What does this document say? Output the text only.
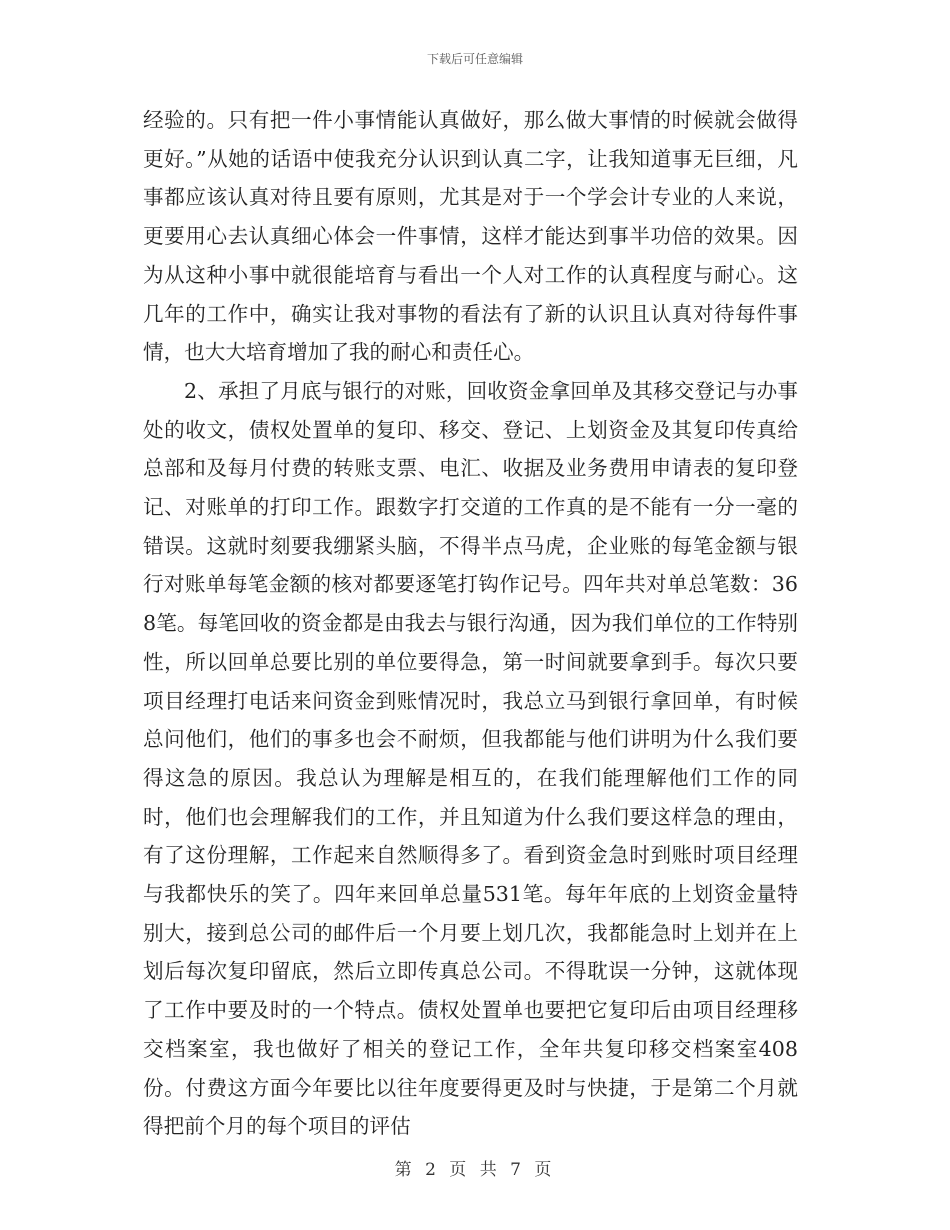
下载后可任意编辑

经验的。只有把一件小事情能认真做好，那么做大事情的时候就会做得更好。”从她的话语中使我充分认识到认真二字，让我知道事无巨细，凡事都应该认真对待且要有原则，尤其是对于一个学会计专业的人来说，更要用心去认真细心体会一件事情，这样才能达到事半功倍的效果。因为从这种小事中就很能培育与看出一个人对工作的认真程度与耐心。这几年的工作中，确实让我对事物的看法有了新的认识且认真对待每件事情，也大大培育增加了我的耐心和责任心。

2、承担了月底与银行的对账，回收资金拿回单及其移交登记与办事处的收文，债权处置单的复印、移交、登记、上划资金及其复印传真给总部和及每月付费的转账支票、电汇、收据及业务费用申请表的复印登记、对账单的打印工作。跟数字打交道的工作真的是不能有一分一毫的错误。这就时刻要我绷紧头脑，不得半点马虎，企业账的每笔金额与银行对账单每笔金额的核对都要逐笔打钩作记号。四年共对单总笔数：368笔。每笔回收的资金都是由我去与银行沟通，因为我们单位的工作特别性，所以回单总要比别的单位要得急，第一时间就要拿到手。每次只要项目经理打电话来问资金到账情况时，我总立马到银行拿回单，有时候总问他们，他们的事多也会不耐烦，但我都能与他们讲明为什么我们要得这急的原因。我总认为理解是相互的，在我们能理解他们工作的同时，他们也会理解我们的工作，并且知道为什么我们要这样急的理由，有了这份理解，工作起来自然顺得多了。看到资金急时到账时项目经理与我都快乐的笑了。四年来回单总量531笔。每年年底的上划资金量特别大，接到总公司的邮件后一个月要上划几次，我都能急时上划并在上划后每次复印留底，然后立即传真总公司。不得耽误一分钟，这就体现了工作中要及时的一个特点。债权处置单也要把它复印后由项目经理移交档案室，我也做好了相关的登记工作，全年共复印移交档案室408份。付费这方面今年要比以往年度要得更及时与快捷，于是第二个月就得把前个月的每个项目的评估

第 2 页 共 7 页
